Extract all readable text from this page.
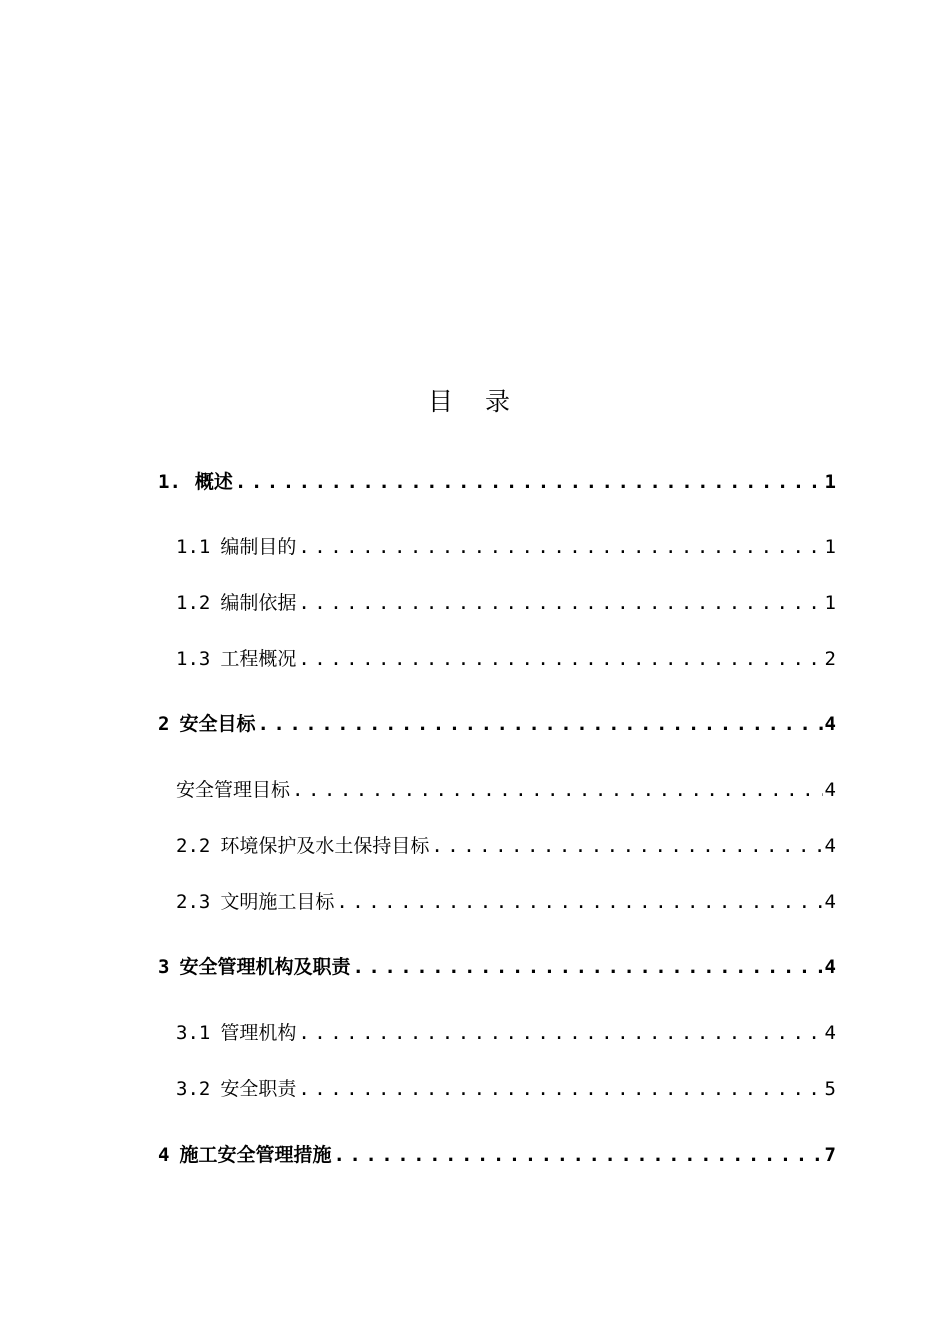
目 录
1. 概述 .....	1
1.1 编制目的 .....	1
1.2 编制依据 .....	1
1.3 工程概况 .....	2
2 安全目标 .....	4
安全管理目标 .....	4
2.2 环境保护及水土保持目标 .....	4
2.3 文明施工目标 .....	4
3 安全管理机构及职责 .....	4
3.1 管理机构 .....	4
3.2 安全职责 .....	5
4 施工安全管理措施 .....	7
